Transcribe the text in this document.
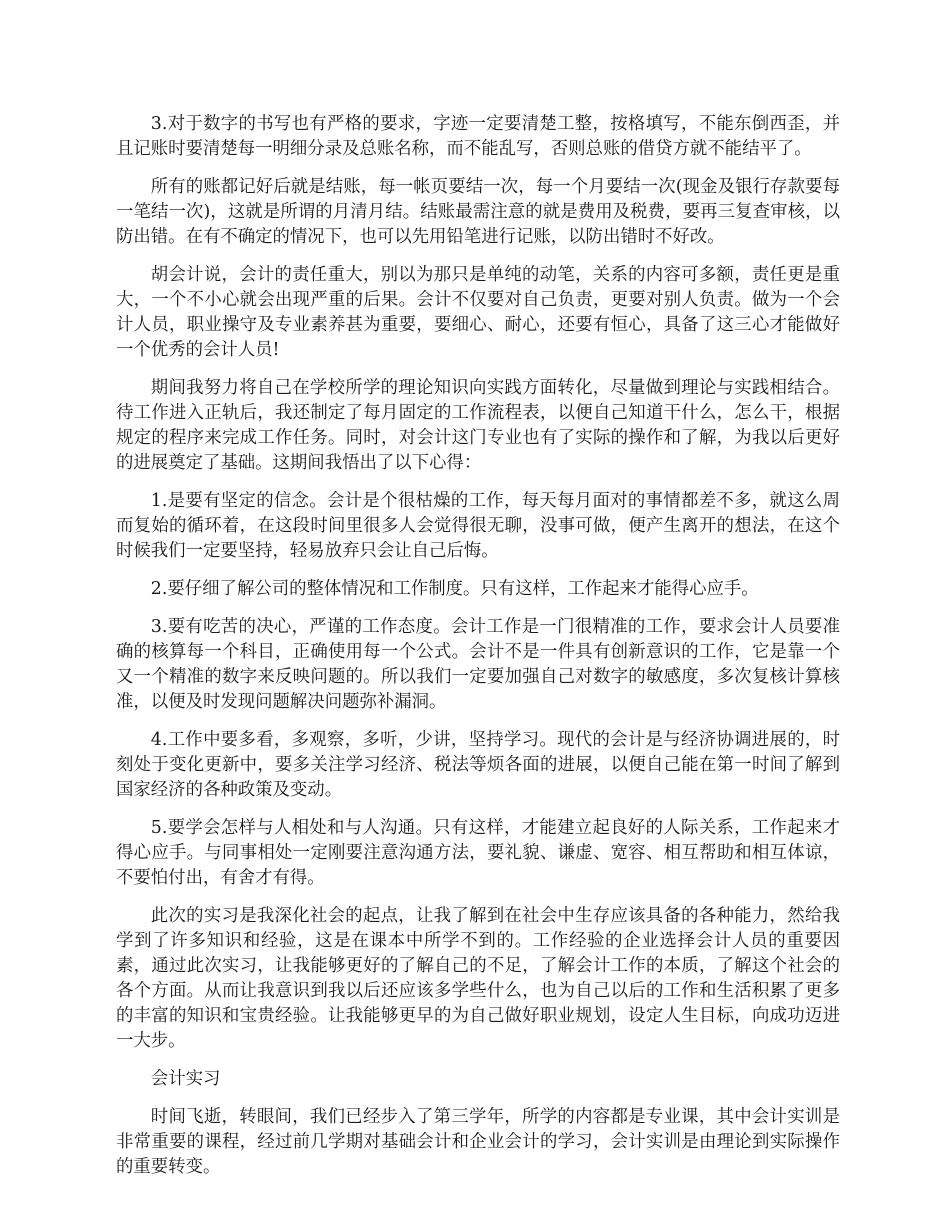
3.对于数字的书写也有严格的要求，字迹一定要清楚工整，按格填写，不能东倒西歪，并且记账时要清楚每一明细分录及总账名称，而不能乱写，否则总账的借贷方就不能结平了。

所有的账都记好后就是结账，每一帐页要结一次，每一个月要结一次(现金及银行存款要每一笔结一次)，这就是所谓的月清月结。结账最需注意的就是费用及税费，要再三复查审核，以防出错。在有不确定的情况下，也可以先用铅笔进行记账，以防出错时不好改。

胡会计说，会计的责任重大，别以为那只是单纯的动笔，关系的内容可多额，责任更是重大，一个不小心就会出现严重的后果。会计不仅要对自己负责，更要对别人负责。做为一个会计人员，职业操守及专业素养甚为重要，要细心、耐心，还要有恒心，具备了这三心才能做好一个优秀的会计人员!

期间我努力将自己在学校所学的理论知识向实践方面转化，尽量做到理论与实践相结合。待工作进入正轨后，我还制定了每月固定的工作流程表，以便自己知道干什么，怎么干，根据规定的程序来完成工作任务。同时，对会计这门专业也有了实际的操作和了解，为我以后更好的进展奠定了基础。这期间我悟出了以下心得：

1.是要有坚定的信念。会计是个很枯燥的工作，每天每月面对的事情都差不多，就这么周而复始的循环着，在这段时间里很多人会觉得很无聊，没事可做，便产生离开的想法，在这个时候我们一定要坚持，轻易放弃只会让自己后悔。

2.要仔细了解公司的整体情况和工作制度。只有这样，工作起来才能得心应手。

3.要有吃苦的决心，严谨的工作态度。会计工作是一门很精准的工作，要求会计人员要准确的核算每一个科目，正确使用每一个公式。会计不是一件具有创新意识的工作，它是靠一个又一个精准的数字来反映问题的。所以我们一定要加强自己对数字的敏感度，多次复核计算核准，以便及时发现问题解决问题弥补漏洞。

4.工作中要多看，多观察，多听，少讲，坚持学习。现代的会计是与经济协调进展的，时刻处于变化更新中，要多关注学习经济、税法等烦各面的进展，以便自己能在第一时间了解到国家经济的各种政策及变动。

5.要学会怎样与人相处和与人沟通。只有这样，才能建立起良好的人际关系，工作起来才得心应手。与同事相处一定刚要注意沟通方法，要礼貌、谦虚、宽容、相互帮助和相互体谅，不要怕付出，有舍才有得。

此次的实习是我深化社会的起点，让我了解到在社会中生存应该具备的各种能力，然给我学到了许多知识和经验，这是在课本中所学不到的。工作经验的企业选择会计人员的重要因素，通过此次实习，让我能够更好的了解自己的不足，了解会计工作的本质，了解这个社会的各个方面。从而让我意识到我以后还应该多学些什么，也为自己以后的工作和生活积累了更多的丰富的知识和宝贵经验。让我能够更早的为自己做好职业规划，设定人生目标，向成功迈进一大步。

会计实习

时间飞逝，转眼间，我们已经步入了第三学年，所学的内容都是专业课，其中会计实训是非常重要的课程，经过前几学期对基础会计和企业会计的学习，会计实训是由理论到实际操作的重要转变。
